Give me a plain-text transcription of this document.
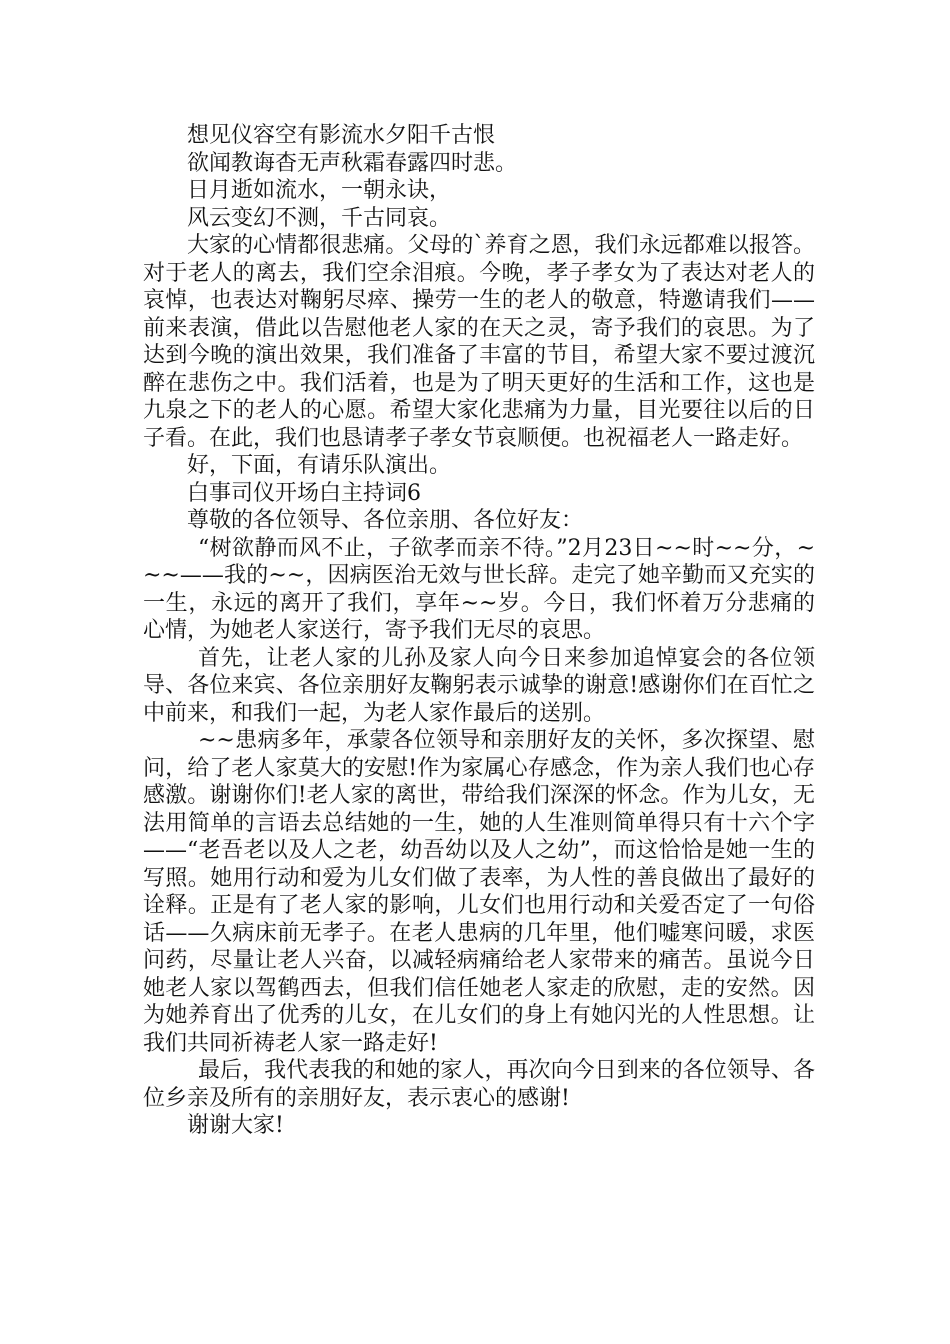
想见仪容空有影流水夕阳千古恨

欲闻教诲杳无声秋霜春露四时悲。

日月逝如流水，一朝永诀，

风云变幻不测，千古同哀。

大家的心情都很悲痛。父母的`养育之恩，我们永远都难以报答。对于老人的离去，我们空余泪痕。今晚，孝子孝女为了表达对老人的哀悼，也表达对鞠躬尽瘁、操劳一生的老人的敬意，特邀请我们——前来表演，借此以告慰他老人家的在天之灵，寄予我们的哀思。为了达到今晚的演出效果，我们准备了丰富的节目，希望大家不要过渡沉醉在悲伤之中。我们活着，也是为了明天更好的生活和工作，这也是九泉之下的老人的心愿。希望大家化悲痛为力量，目光要往以后的日子看。在此，我们也恳请孝子孝女节哀顺便。也祝福老人一路走好。

好，下面，有请乐队演出。

白事司仪开场白主持词6

尊敬的各位领导、各位亲朋、各位好友：

“树欲静而风不止，子欲孝而亲不待。”2月23日~~时~~分，~~~——我的~~，因病医治无效与世长辞。走完了她辛勤而又充实的一生，永远的离开了我们，享年~~岁。今日，我们怀着万分悲痛的心情，为她老人家送行，寄予我们无尽的哀思。

首先，让老人家的儿孙及家人向今日来参加追悼宴会的各位领导、各位来宾、各位亲朋好友鞠躬表示诚挚的谢意!感谢你们在百忙之中前来，和我们一起，为老人家作最后的送别。

~~患病多年，承蒙各位领导和亲朋好友的关怀，多次探望、慰问，给了老人家莫大的安慰!作为家属心存感念，作为亲人我们也心存感激。谢谢你们!老人家的离世，带给我们深深的怀念。作为儿女，无法用简单的言语去总结她的一生，她的人生准则简单得只有十六个字——“老吾老以及人之老，幼吾幼以及人之幼”，而这恰恰是她一生的写照。她用行动和爱为儿女们做了表率，为人性的善良做出了最好的诠释。正是有了老人家的影响，儿女们也用行动和关爱否定了一句俗话——久病床前无孝子。在老人患病的几年里，他们嘘寒问暖，求医问药，尽量让老人兴奋，以减轻病痛给老人家带来的痛苦。虽说今日她老人家以驾鹤西去，但我们信任她老人家走的欣慰，走的安然。因为她养育出了优秀的儿女，在儿女们的身上有她闪光的人性思想。让我们共同祈祷老人家一路走好!

最后，我代表我的和她的家人，再次向今日到来的各位领导、各位乡亲及所有的亲朋好友，表示衷心的感谢!

谢谢大家!
